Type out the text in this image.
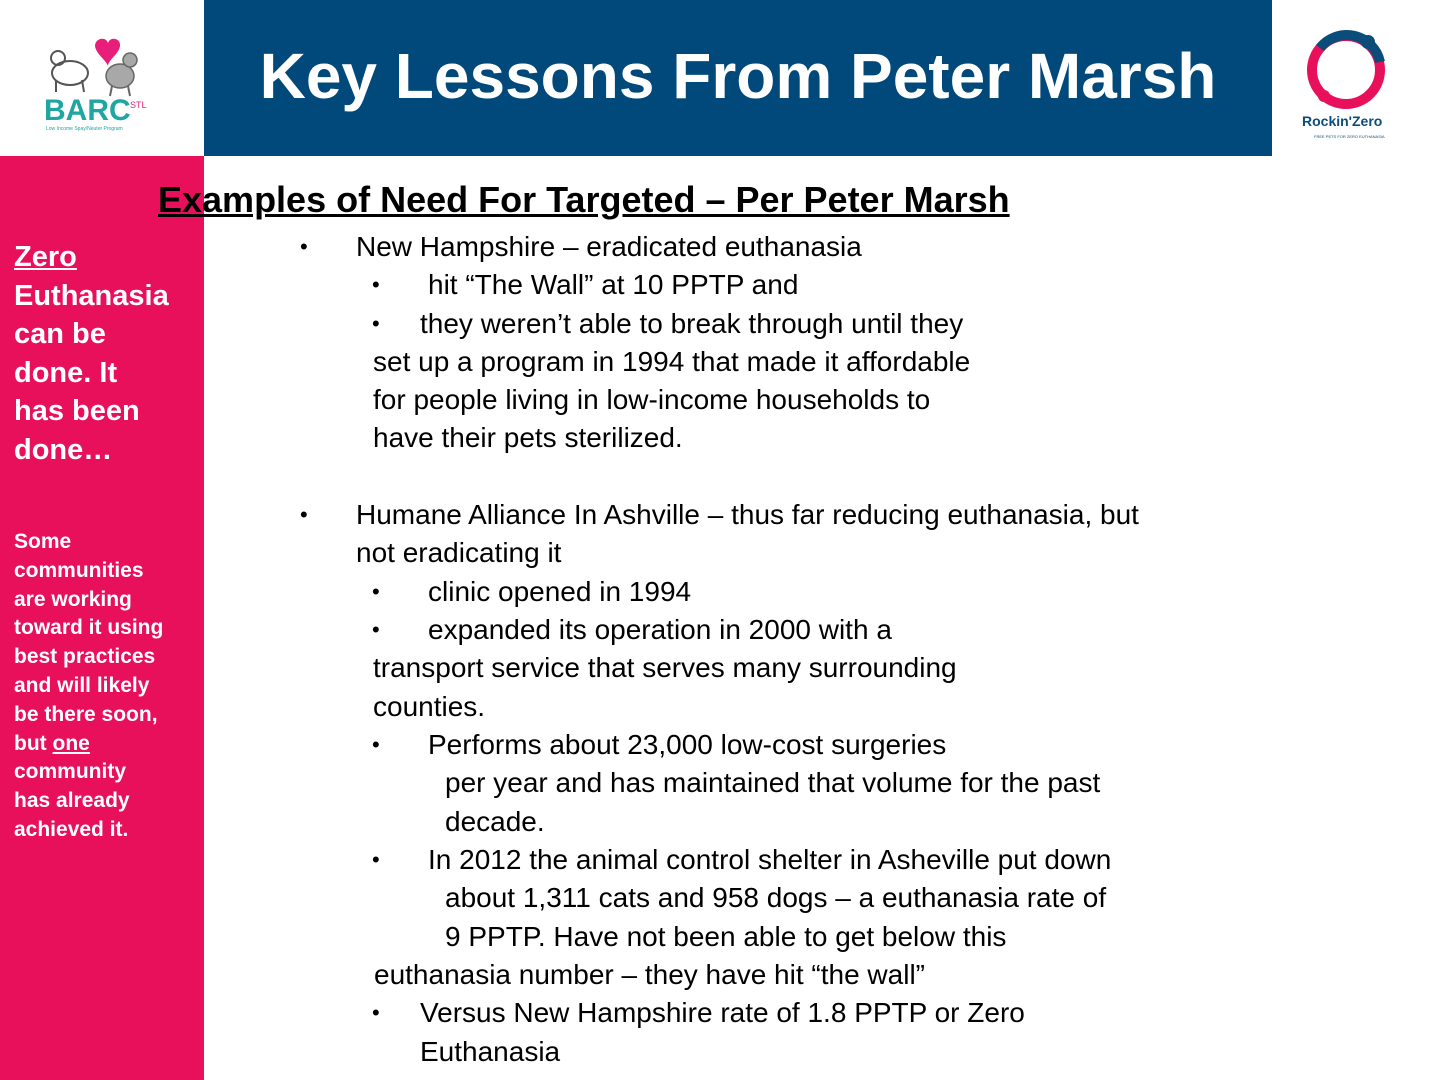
Key Lessons From Peter Marsh
BARC STL
Low Income Spay/Neuter Program	Rockin'Zero
FREE PETS FOR ZERO EUTHANASIA
Zero
Euthanasia
can be
done. It
has been
done…
Some
communities
are working
toward it using
best practices
and will likely
be there soon,
but one
community
has already
achieved it.
Examples of Need For Targeted – Per Peter Marsh
• New Hampshire – eradicated euthanasia
• hit “The Wall” at 10 PPTP and
• they weren’t able to break through until they
set up a program in 1994 that made it affordable
for people living in low-income households to
have their pets sterilized.
• Humane Alliance In Ashville – thus far reducing euthanasia, but
not eradicating it
• clinic opened in 1994
• expanded its operation in 2000 with a
transport service that serves many surrounding
counties.
• Performs about 23,000 low-cost surgeries
per year and has maintained that volume for the past
decade.
• In 2012 the animal control shelter in Asheville put down
about 1,311 cats and 958 dogs – a euthanasia rate of
9 PPTP. Have not been able to get below this
euthanasia number – they have hit “the wall”
• Versus New Hampshire rate of 1.8 PPTP or Zero
Euthanasia
